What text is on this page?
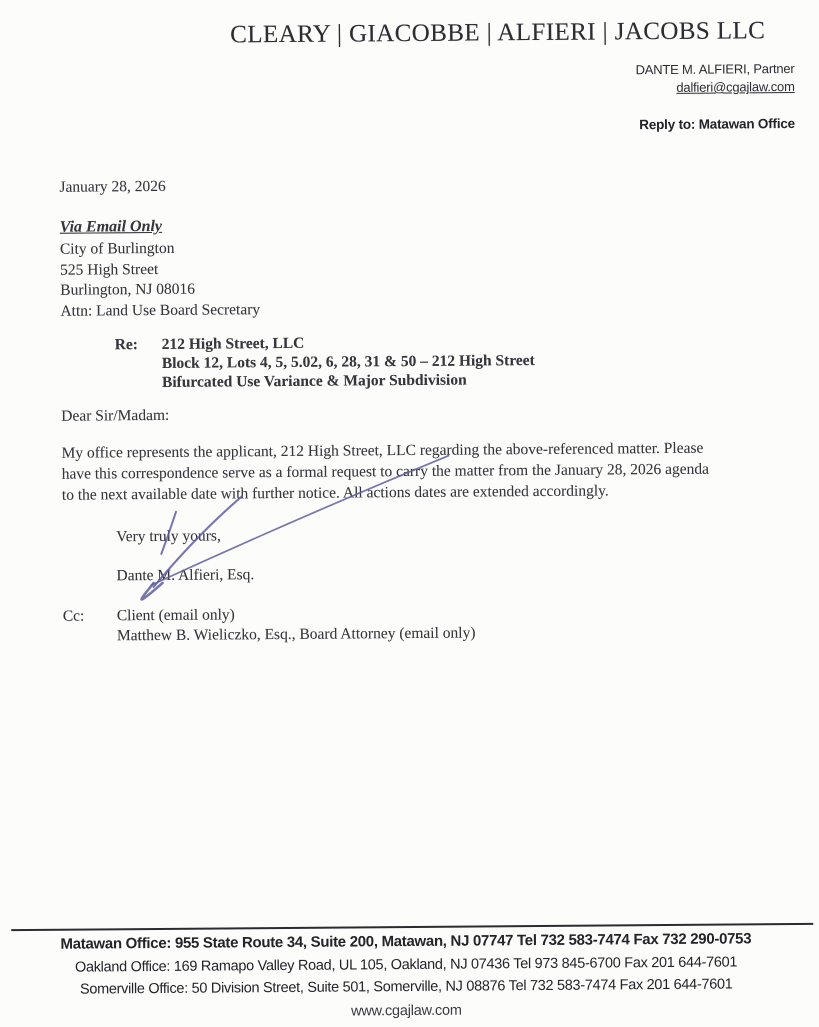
CLEARY | GIACOBBE | ALFIERI | JACOBS LLC
DANTE M. ALFIERI, Partner
dalfieri@cgajlaw.com
Reply to: Matawan Office
January 28, 2026
Via Email Only
City of Burlington
525 High Street
Burlington, NJ 08016
Attn: Land Use Board Secretary
Re:	212 High Street, LLC
Block 12, Lots 4, 5, 5.02, 6, 28, 31 & 50 – 212 High Street
Bifurcated Use Variance & Major Subdivision
Dear Sir/Madam:
My office represents the applicant, 212 High Street, LLC regarding the above-referenced matter. Please
have this correspondence serve as a formal request to carry the matter from the January 28, 2026 agenda
to the next available date with further notice. All actions dates are extended accordingly.
Very truly yours,
Dante M. Alfieri, Esq.
Cc:	Client (email only)
Matthew B. Wieliczko, Esq., Board Attorney (email only)
Matawan Office: 955 State Route 34, Suite 200, Matawan, NJ 07747 Tel 732 583-7474 Fax 732 290-0753
Oakland Office: 169 Ramapo Valley Road, UL 105, Oakland, NJ 07436 Tel 973 845-6700 Fax 201 644-7601
Somerville Office: 50 Division Street, Suite 501, Somerville, NJ 08876 Tel 732 583-7474 Fax 201 644-7601
www.cgajlaw.com
